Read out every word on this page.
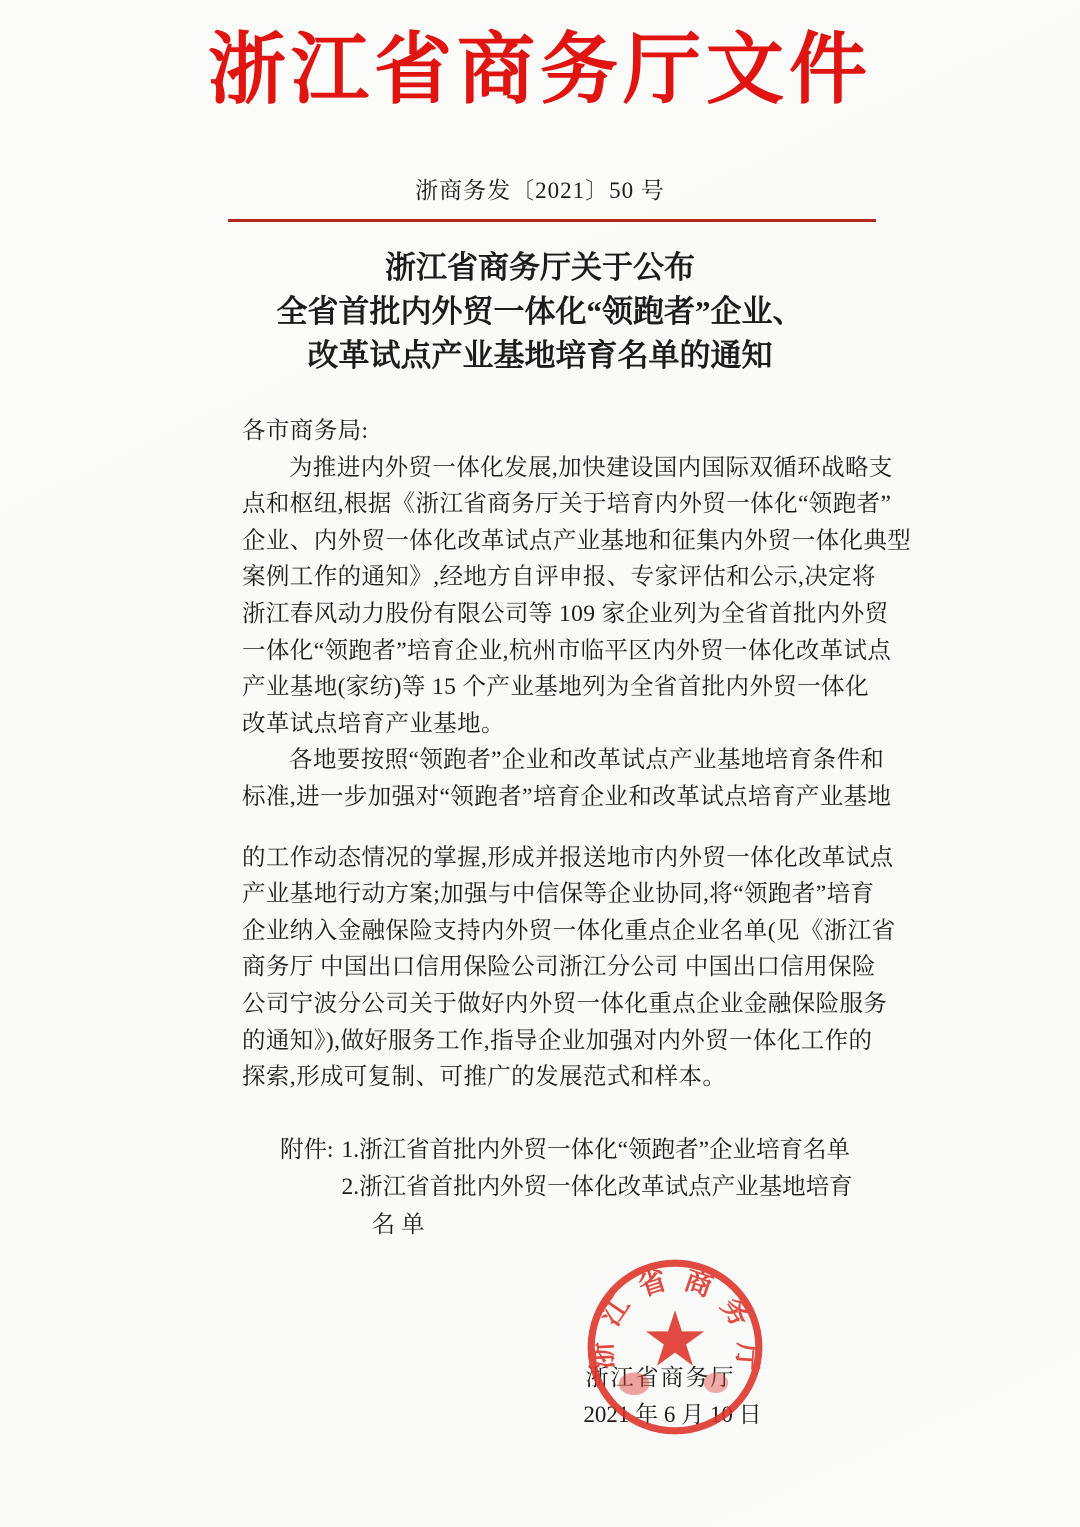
浙江省商务厅文件
浙商务发〔2021〕50 号
浙江省商务厅关于公布
全省首批内外贸一体化“领跑者”企业、
改革试点产业基地培育名单的通知
各市商务局:
为推进内外贸一体化发展,加快建设国内国际双循环战略支
点和枢纽,根据《浙江省商务厅关于培育内外贸一体化“领跑者”
企业、内外贸一体化改革试点产业基地和征集内外贸一体化典型
案例工作的通知》,经地方自评申报、专家评估和公示,决定将
浙江春风动力股份有限公司等 109 家企业列为全省首批内外贸
一体化“领跑者”培育企业,杭州市临平区内外贸一体化改革试点
产业基地(家纺)等 15 个产业基地列为全省首批内外贸一体化
改革试点培育产业基地。
各地要按照“领跑者”企业和改革试点产业基地培育条件和
标准,进一步加强对“领跑者”培育企业和改革试点培育产业基地
的工作动态情况的掌握,形成并报送地市内外贸一体化改革试点
产业基地行动方案;加强与中信保等企业协同,将“领跑者”培育
企业纳入金融保险支持内外贸一体化重点企业名单(见《浙江省
商务厅 中国出口信用保险公司浙江分公司 中国出口信用保险
公司宁波分公司关于做好内外贸一体化重点企业金融保险服务
的通知》),做好服务工作,指导企业加强对内外贸一体化工作的
探索,形成可复制、可推广的发展范式和样本。
附件: 1.浙江省首批内外贸一体化“领跑者”企业培育名单
2.浙江省首批内外贸一体化改革试点产业基地培育
名单
浙江省商务厅
2021 年 6 月 10 日
浙江省商务厅
